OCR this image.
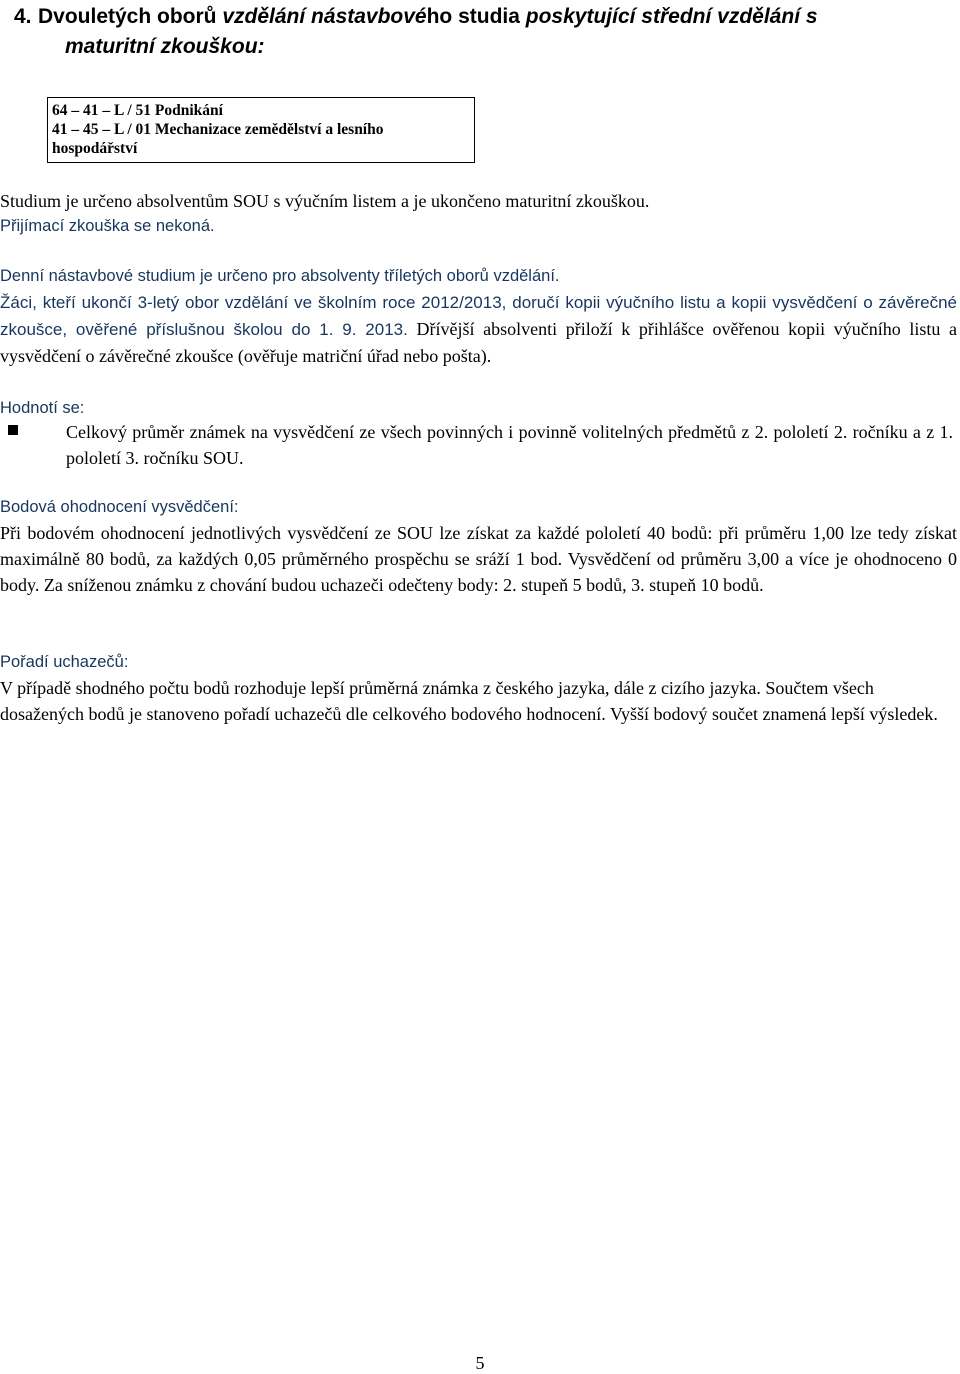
4. Dvouletých oborů vzdělání nástavbového studia poskytující střední vzdělání s
maturitní zkouškou:
64 – 41 – L / 51 Podnikání
41 – 45 – L / 01 Mechanizace zemědělství a lesního
hospodářství
Studium je určeno absolventům SOU s výučním listem a je ukončeno maturitní zkouškou.
Přijímací zkouška se nekoná.
Denní nástavbové studium je určeno pro absolventy tříletých oborů vzdělání.
Žáci, kteří ukončí 3-letý obor vzdělání ve školním roce 2012/2013, doručí kopii výučního listu a kopii vysvědčení o závěrečné zkoušce, ověřené příslušnou školou do 1. 9. 2013. Dřívější absolventi přiloží k přihlášce ověřenou kopii výučního listu a vysvědčení o závěrečné zkoušce (ověřuje matriční úřad nebo pošta).
Hodnotí se:
Celkový průměr známek na vysvědčení ze všech povinných i povinně volitelných předmětů z 2. pololetí 2. ročníku a z 1. pololetí 3. ročníku SOU.
Bodová ohodnocení vysvědčení:
Při bodovém ohodnocení jednotlivých vysvědčení ze SOU lze získat za každé pololetí 40 bodů: při průměru 1,00 lze tedy získat maximálně 80 bodů, za každých 0,05 průměrného prospěchu se sráží 1 bod. Vysvědčení od průměru 3,00 a více je ohodnoceno 0 body. Za sníženou známku z chování budou uchazeči odečteny body: 2. stupeň 5 bodů, 3. stupeň 10 bodů.
Pořadí uchazečů:
V případě shodného počtu bodů rozhoduje lepší průměrná známka z českého jazyka, dále z cizího jazyka. Součtem všech dosažených bodů je stanoveno pořadí uchazečů dle celkového bodového hodnocení. Vyšší bodový součet znamená lepší výsledek.
5
